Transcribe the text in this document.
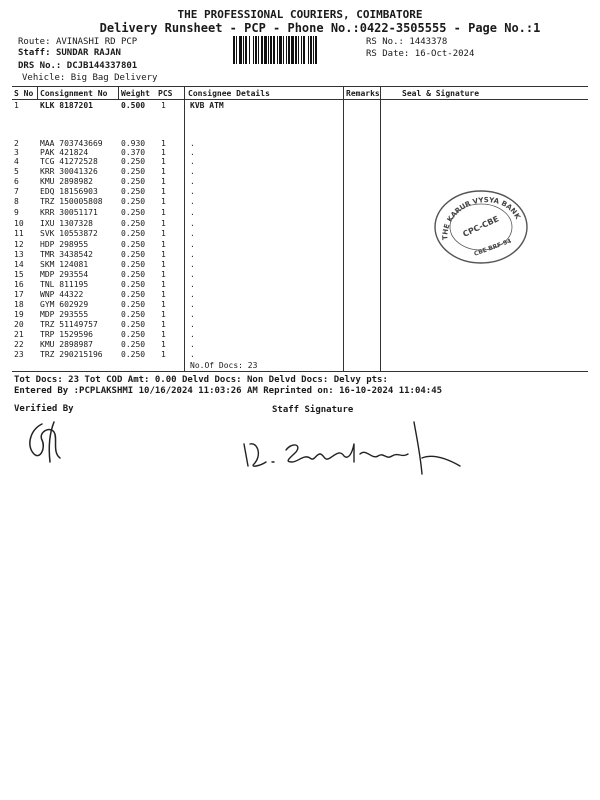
THE PROFESSIONAL COURIERS, COIMBATORE
Delivery Runsheet - PCP - Phone No.:0422-3505555 - Page No.:1
Route: AVINASHI RD PCP
Staff: SUNDAR RAJAN
DRS No.: DCJB144337801
Vehicle: Big Bag Delivery
RS No.: 1443378
RS Date: 16-Oct-2024
S No Consignment No Weight PCS Consignee Details	Remarks	Seal & Signature
1	KLK 8187201	0.500 1	KVB ATM
2	MAA 703743669 0.930 1	.
3	PAK 421824	0.370 1	.
4	TCG 41272528	0.250 1	.
5	KRR 30041326	0.250 1	.
6	KMU 2898982	0.250 1	.
7	EDQ 18156903	0.250 1	.
8	TRZ 150005808 0.250 1	.
9	KRR 30051171	0.250 1	.
10 IXU 1307328	0.250 1	.
11 SVK 10553872	0.250 1	.
12 HDP 298955	0.250 1	.
13 TMR 3438542	0.250 1	.
14 SKM 124081	0.250 1	.
15 MDP 293554	0.250 1	.
16 TNL 811195	0.250 1	.
17 WNP 44322	0.250 1	.
18 GYM 602929	0.250 1	.
19 MDP 293555	0.250 1	.
20 TRZ 51149757	0.250 1	.
21 TRP 1529596	0.250 1	.
22 KMU 2898987	0.250 1	.
23 TRZ 290215196 0.250 1	.
No.Of Docs: 23
THE KARUR VYSYA BANK
CPC-CBE
CBE BRF-94
Tot Docs: 23 Tot COD Amt: 0.00 Delvd Docs: Non Delvd Docs: Delvy pts:
Entered By :PCPLAKSHMI 10/16/2024 11:03:26 AM Reprinted on: 16-10-2024 11:04:45
Verified By	Staff Signature
